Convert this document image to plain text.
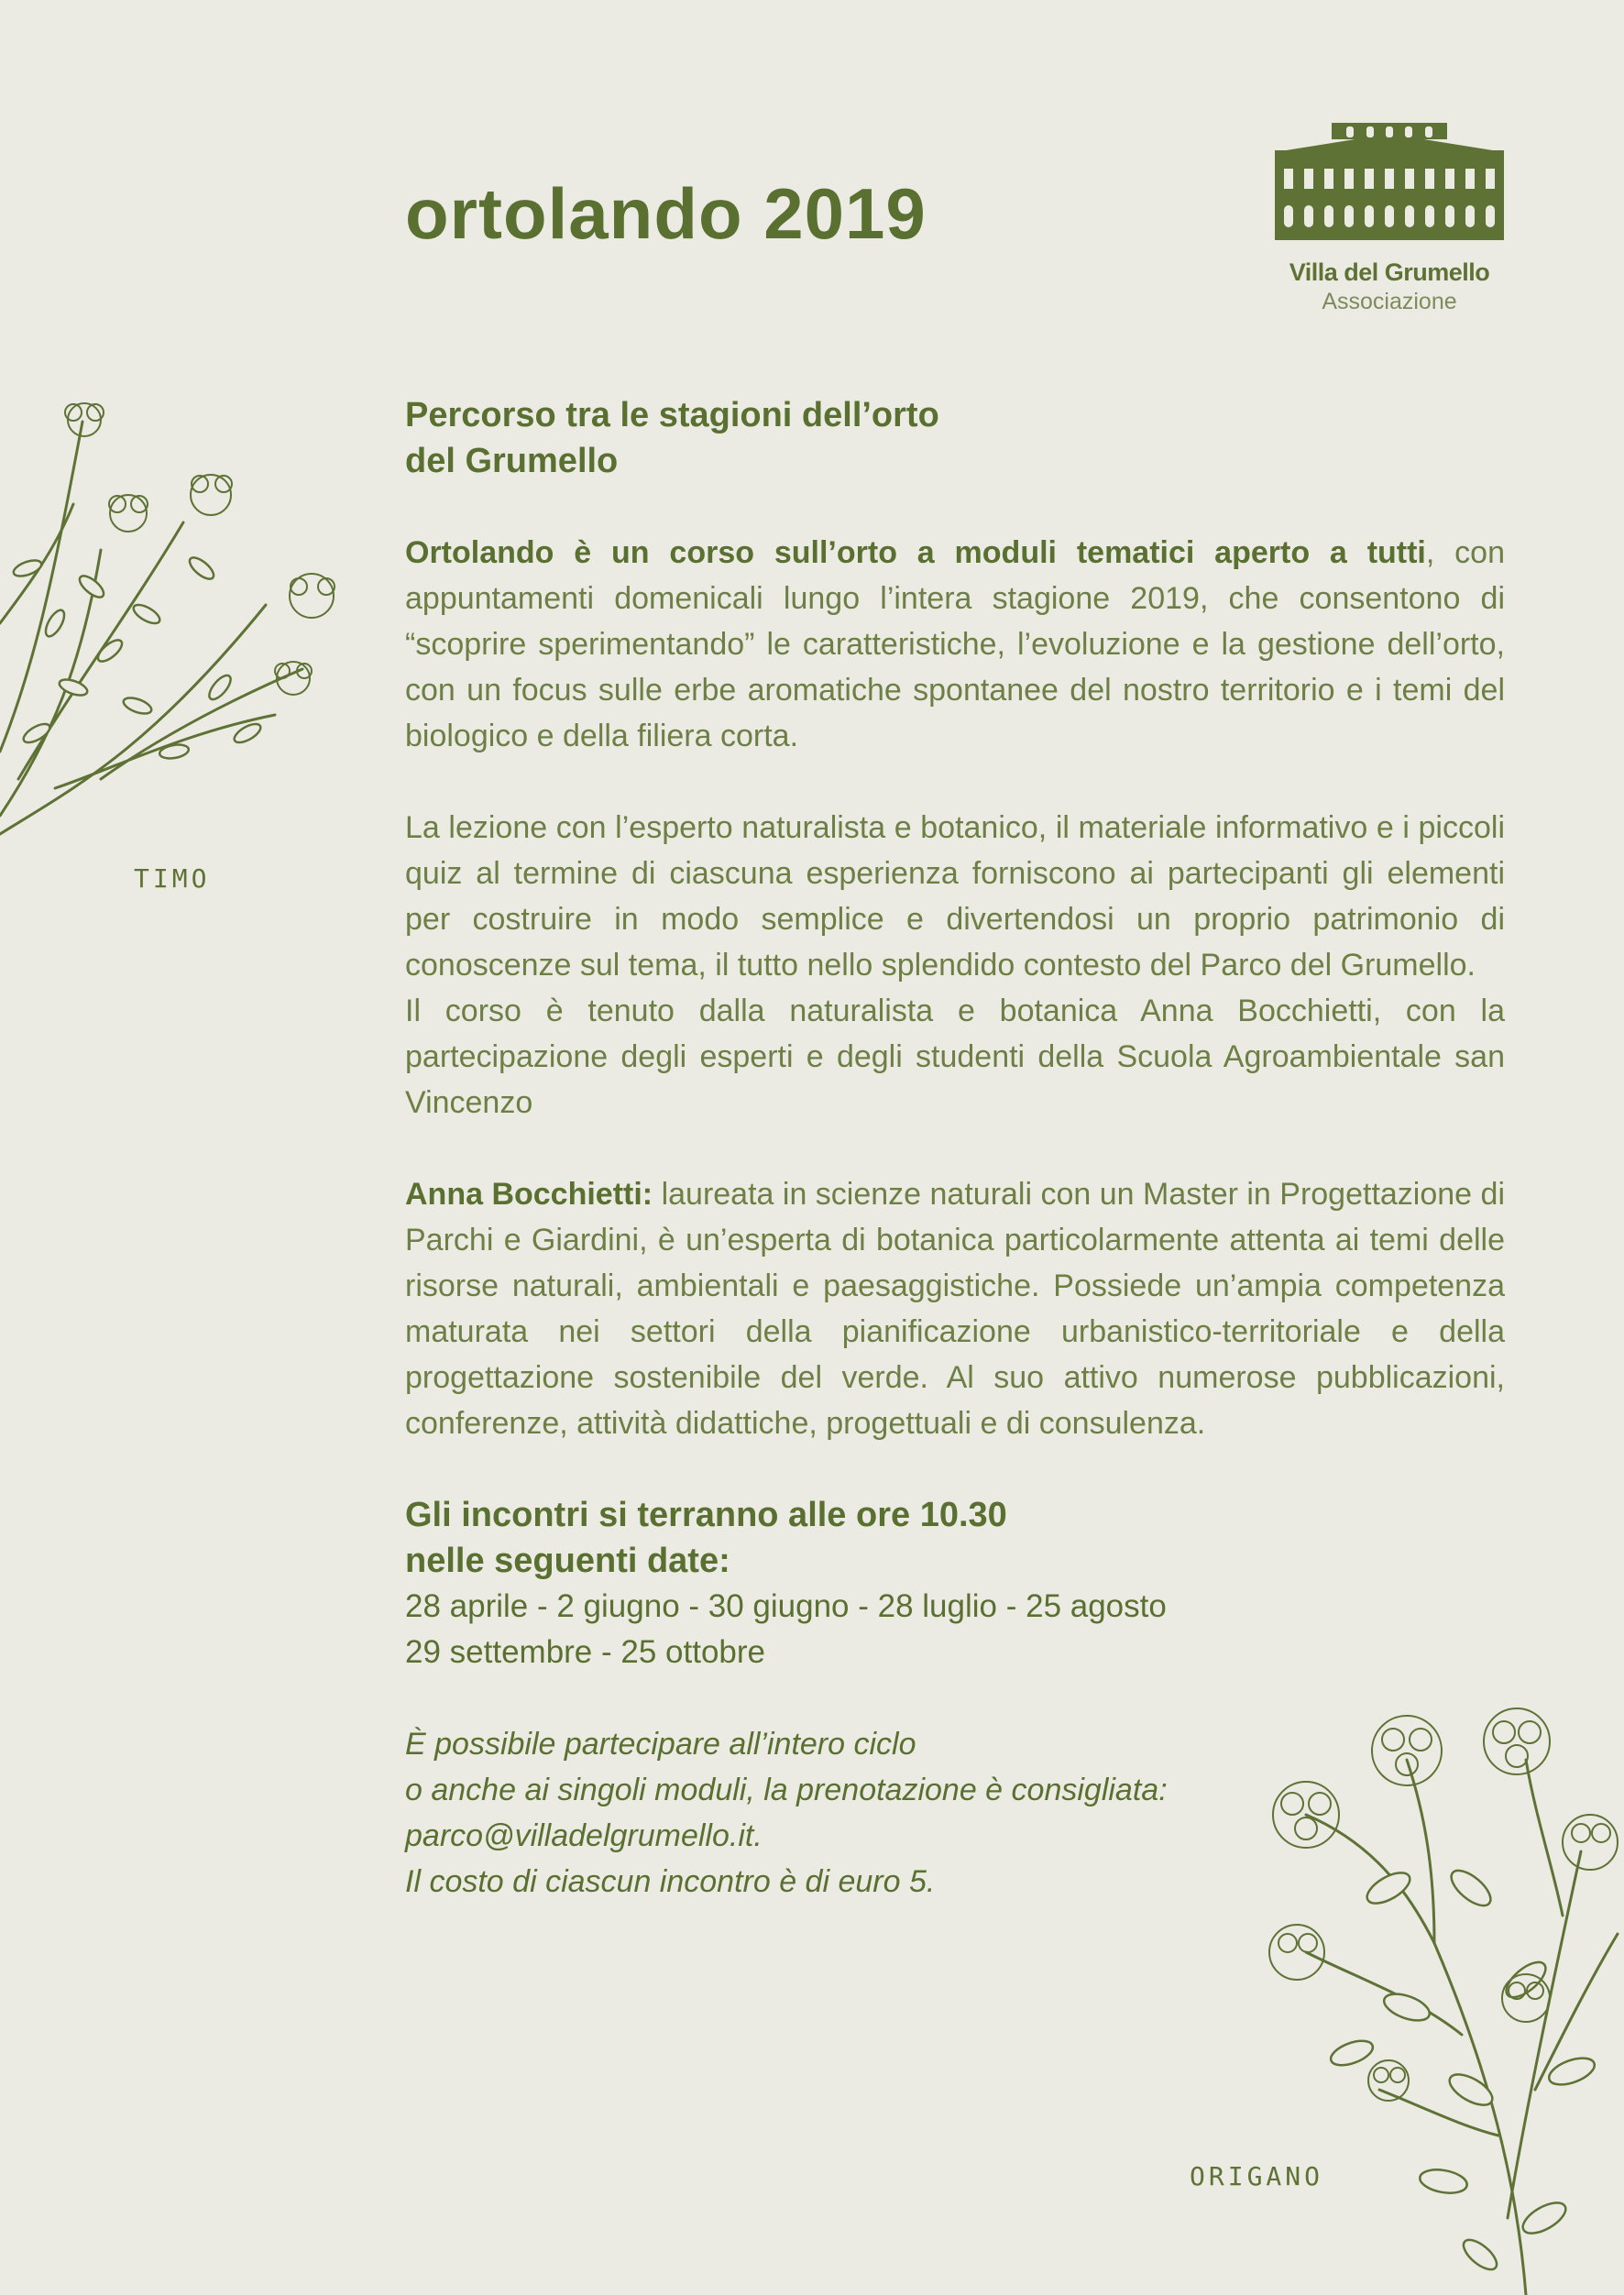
ortolando 2019
Villa del Grumello
Associazione
TIMO
ORIGANO

Percorso tra le stagioni dell’orto
del Grumello

Ortolando è un corso sull’orto a moduli tematici aperto a tutti, con appuntamenti domenicali lungo l’intera stagione 2019, che consentono di “scoprire sperimentando” le caratteristiche, l’evoluzione e la gestione dell’orto, con un focus sulle erbe aromatiche spontanee del nostro territorio e i temi del biologico e della filiera corta.

La lezione con l’esperto naturalista e botanico, il materiale informativo e i piccoli quiz al termine di ciascuna esperienza forniscono ai partecipanti gli elementi per costruire in modo semplice e divertendosi un proprio patrimonio di conoscenze sul tema, il tutto nello splendido contesto del Parco del Grumello.

Il corso è tenuto dalla naturalista e botanica Anna Bocchietti, con la partecipazione degli esperti e degli studenti della Scuola Agroambientale san Vincenzo

Anna Bocchietti: laureata in scienze naturali con un Master in Progettazione di Parchi e Giardini, è un’esperta di botanica particolarmente attenta ai temi delle risorse naturali, ambientali e paesaggistiche. Possiede un’ampia competenza maturata nei settori della pianificazione urbanistico-territoriale e della progettazione sostenibile del verde. Al suo attivo numerose pubblicazioni, conferenze, attività didattiche, progettuali e di consulenza.

Gli incontri si terranno alle ore 10.30
nelle seguenti date:

28 aprile - 2 giugno - 30 giugno - 28 luglio - 25 agosto
29 settembre - 25 ottobre

È possibile partecipare all’intero ciclo
o anche ai singoli moduli, la prenotazione è consigliata:
parco@villadelgrumello.it.
Il costo di ciascun incontro è di euro 5.
